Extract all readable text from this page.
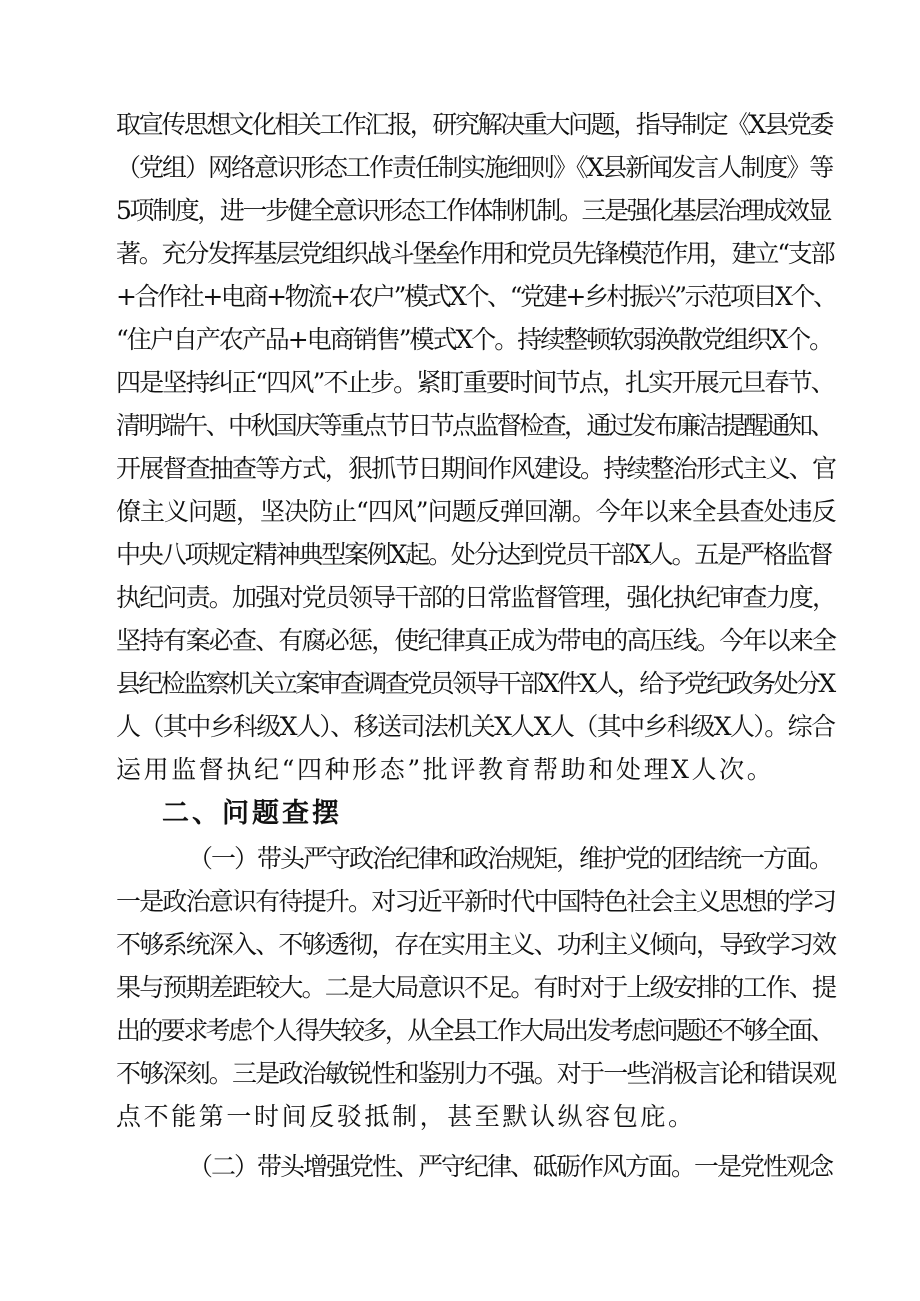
取宣传思想文化相关工作汇报，研究解决重大问题，指导制定《X县党委
（党组）网络意识形态工作责任制实施细则》《X县新闻发言人制度》等
5项制度，进一步健全意识形态工作体制机制。三是强化基层治理成效显
著。充分发挥基层党组织战斗堡垒作用和党员先锋模范作用，建立“支部
+合作社+电商+物流+农户”模式X个、“党建+乡村振兴”示范项目X个、
“住户自产农产品+电商销售”模式X个。持续整顿软弱涣散党组织X个。
四是坚持纠正“四风”不止步。紧盯重要时间节点，扎实开展元旦春节、
清明端午、中秋国庆等重点节日节点监督检查，通过发布廉洁提醒通知、
开展督查抽查等方式，狠抓节日期间作风建设。持续整治形式主义、官
僚主义问题，坚决防止“四风”问题反弹回潮。今年以来全县查处违反
中央八项规定精神典型案例X起。处分达到党员干部X人。五是严格监督
执纪问责。加强对党员领导干部的日常监督管理，强化执纪审查力度，
坚持有案必查、有腐必惩，使纪律真正成为带电的高压线。今年以来全
县纪检监察机关立案审查调查党员领导干部X件X人，给予党纪政务处分X
人（其中乡科级X人）、移送司法机关X人X人（其中乡科级X人）。综合
运用监督执纪“四种形态”批评教育帮助和处理X人次。
二、问题查摆
（一）带头严守政治纪律和政治规矩，维护党的团结统一方面。
一是政治意识有待提升。对习近平新时代中国特色社会主义思想的学习
不够系统深入、不够透彻，存在实用主义、功利主义倾向，导致学习效
果与预期差距较大。二是大局意识不足。有时对于上级安排的工作、提
出的要求考虑个人得失较多，从全县工作大局出发考虑问题还不够全面、
不够深刻。三是政治敏锐性和鉴别力不强。对于一些消极言论和错误观
点不能第一时间反驳抵制，甚至默认纵容包庇。
（二）带头增强党性、严守纪律、砥砺作风方面。一是党性观念
